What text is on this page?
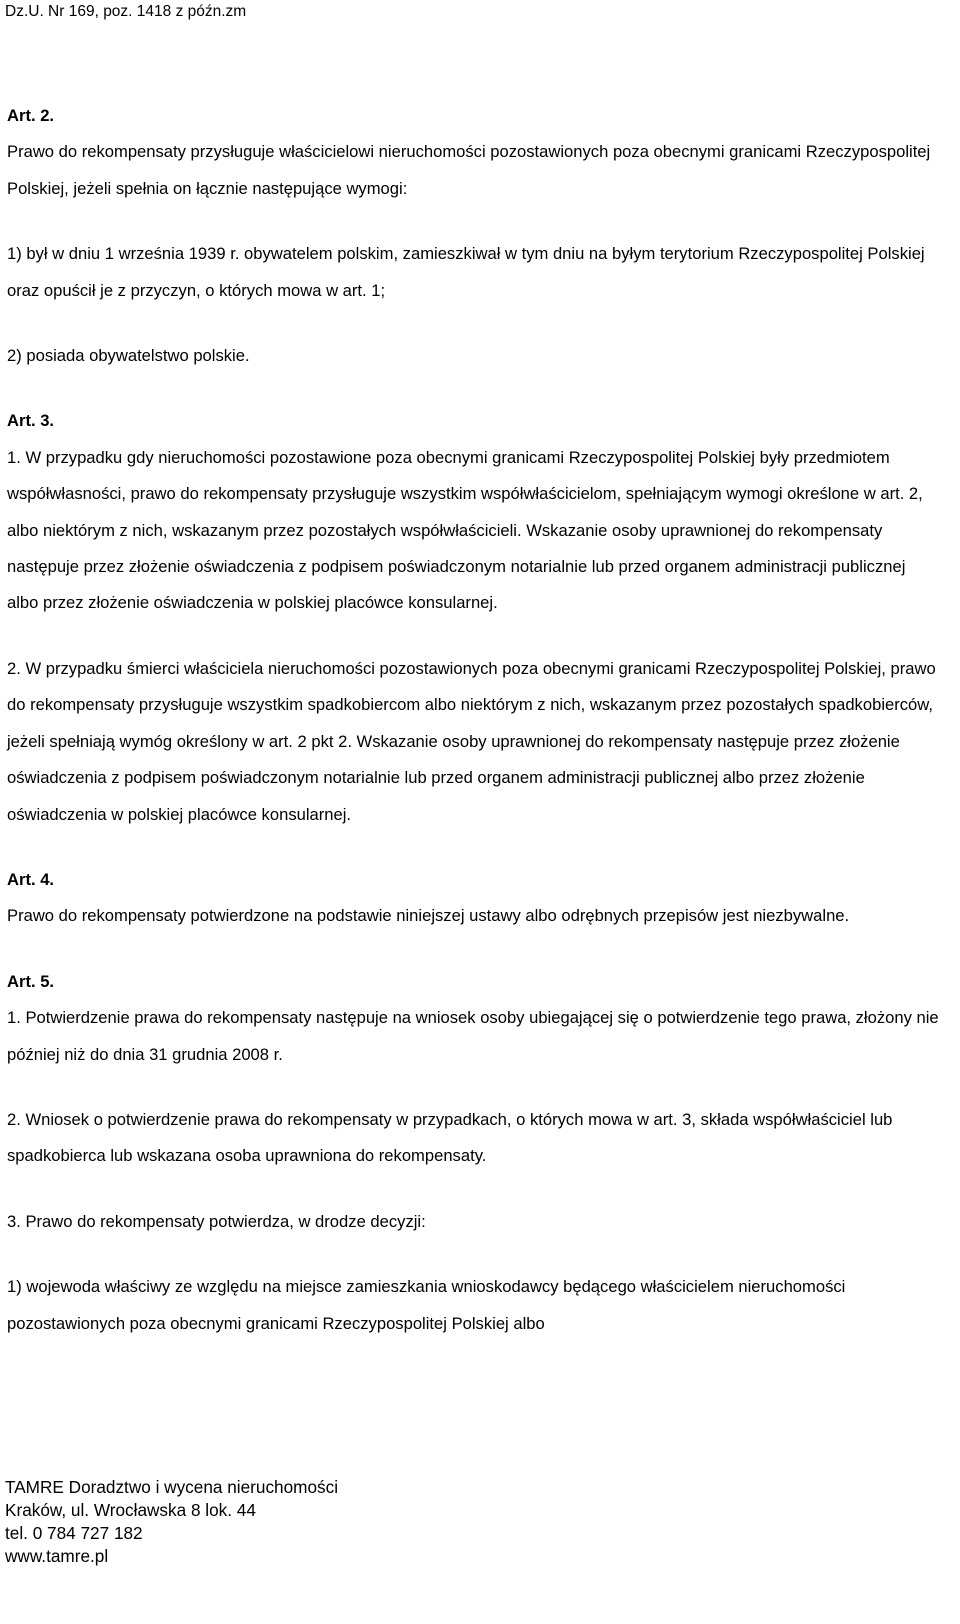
Dz.U. Nr 169, poz. 1418 z późn.zm

Art. 2.

Prawo do rekompensaty przysługuje właścicielowi nieruchomości pozostawionych poza obecnymi granicami Rzeczypospolitej Polskiej, jeżeli spełnia on łącznie następujące wymogi:

1) był w dniu 1 września 1939 r. obywatelem polskim, zamieszkiwał w tym dniu na byłym terytorium Rzeczypospolitej Polskiej oraz opuścił je z przyczyn, o których mowa w art. 1;

2) posiada obywatelstwo polskie.

Art. 3.

1. W przypadku gdy nieruchomości pozostawione poza obecnymi granicami Rzeczypospolitej Polskiej były przedmiotem współwłasności, prawo do rekompensaty przysługuje wszystkim współwłaścicielom, spełniającym wymogi określone w art. 2, albo niektórym z nich, wskazanym przez pozostałych współwłaścicieli. Wskazanie osoby uprawnionej do rekompensaty następuje przez złożenie oświadczenia z podpisem poświadczonym notarialnie lub przed organem administracji publicznej albo przez złożenie oświadczenia w polskiej placówce konsularnej.

2. W przypadku śmierci właściciela nieruchomości pozostawionych poza obecnymi granicami Rzeczypospolitej Polskiej, prawo do rekompensaty przysługuje wszystkim spadkobiercom albo niektórym z nich, wskazanym przez pozostałych spadkobierców, jeżeli spełniają wymóg określony w art. 2 pkt 2. Wskazanie osoby uprawnionej do rekompensaty następuje przez złożenie oświadczenia z podpisem poświadczonym notarialnie lub przed organem administracji publicznej albo przez złożenie oświadczenia w polskiej placówce konsularnej.

Art. 4.

Prawo do rekompensaty potwierdzone na podstawie niniejszej ustawy albo odrębnych przepisów jest niezbywalne.

Art. 5.

1. Potwierdzenie prawa do rekompensaty następuje na wniosek osoby ubiegającej się o potwierdzenie tego prawa, złożony nie później niż do dnia 31 grudnia 2008 r.

2. Wniosek o potwierdzenie prawa do rekompensaty w przypadkach, o których mowa w art. 3, składa współwłaściciel lub spadkobierca lub wskazana osoba uprawniona do rekompensaty.

3. Prawo do rekompensaty potwierdza, w drodze decyzji:

1) wojewoda właściwy ze względu na miejsce zamieszkania wnioskodawcy będącego właścicielem nieruchomości pozostawionych poza obecnymi granicami Rzeczypospolitej Polskiej albo

TAMRE Doradztwo i wycena nieruchomości
Kraków, ul. Wrocławska 8 lok. 44
tel. 0 784 727 182
www.tamre.pl
